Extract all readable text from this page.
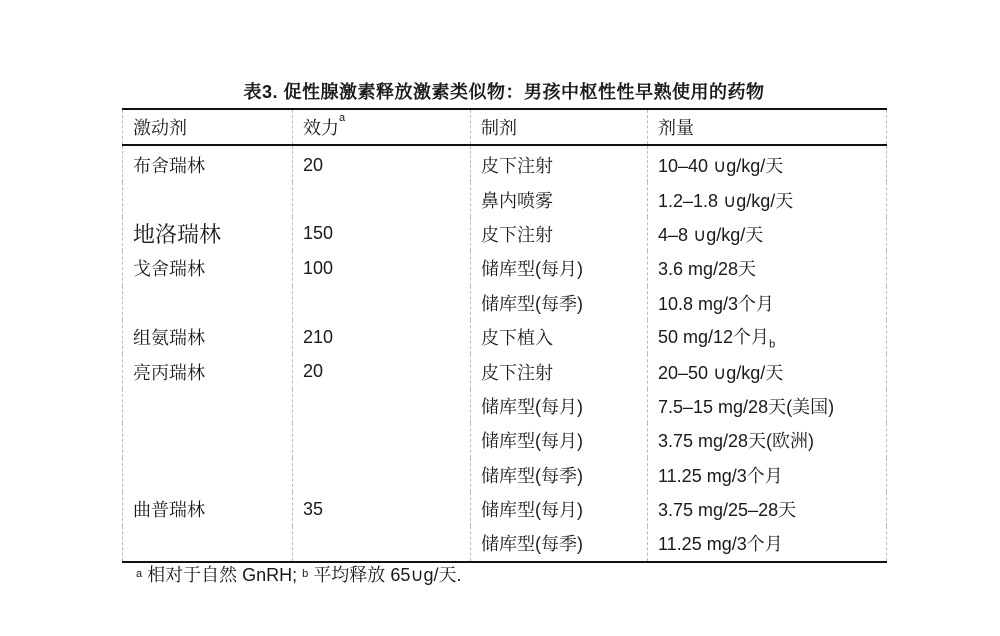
表3. 促性腺激素释放激素类似物：男孩中枢性性早熟使用的药物
激动剂	效力$^a$	制剂	剂量
布舍瑞林	20	皮下注射	10–40 ∪g/kg/天
		鼻内喷雾	1.2–1.8 ∪g/kg/天
地洛瑞林	150	皮下注射	4–8 ∪g/kg/天
戈舍瑞林	100	储库型(每月)	3.6 mg/28天
		储库型(每季)	10.8 mg/3个月
组氨瑞林	210	皮下植入	50 mg/12个月$_b$
亮丙瑞林	20	皮下注射	20–50 ∪g/kg/天
		储库型(每月)	7.5–15 mg/28天(美国)
		储库型(每月)	3.75 mg/28天(欧洲)
		储库型(每季)	11.25 mg/3个月
曲普瑞林	35	储库型(每月)	3.75 mg/25–28天
		储库型(每季)	11.25 mg/3个月
$^a$ 相对于自然 GnRH; $^b$ 平均释放 65∪g/天.
